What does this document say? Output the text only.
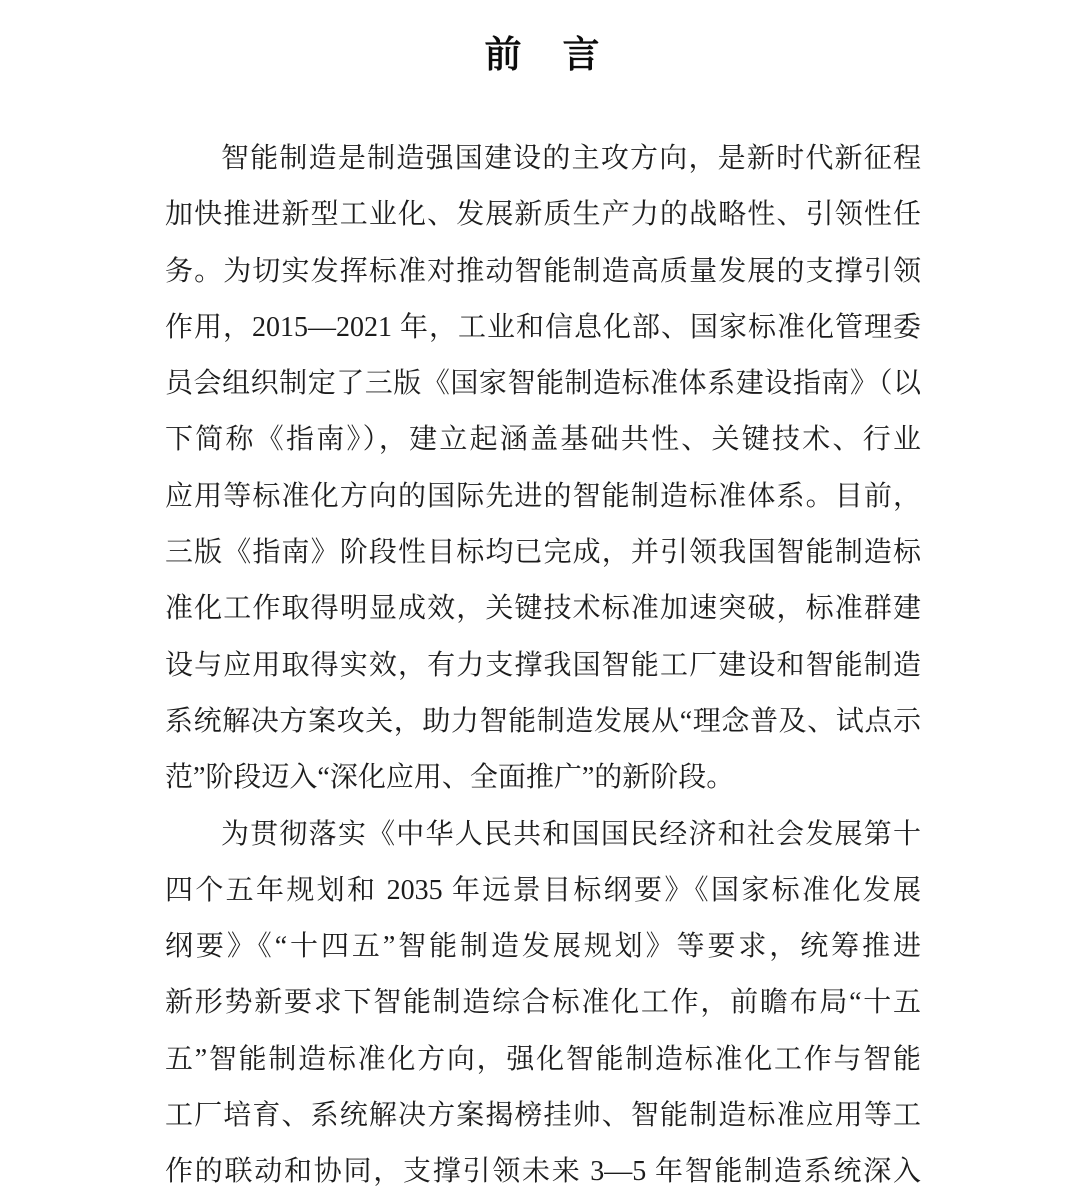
前　言
智能制造是制造强国建设的主攻方向，是新时代新征程
加快推进新型工业化、发展新质生产力的战略性、引领性任
务。为切实发挥标准对推动智能制造高质量发展的支撑引领
作用，2015—2021 年，工业和信息化部、国家标准化管理委
员会组织制定了三版《国家智能制造标准体系建设指南》（以
下简称《指南》），建立起涵盖基础共性、关键技术、行业
应用等标准化方向的国际先进的智能制造标准体系。目前，
三版《指南》阶段性目标均已完成，并引领我国智能制造标
准化工作取得明显成效，关键技术标准加速突破，标准群建
设与应用取得实效，有力支撑我国智能工厂建设和智能制造
系统解决方案攻关，助力智能制造发展从“理念普及、试点示
范”阶段迈入“深化应用、全面推广”的新阶段。
为贯彻落实《中华人民共和国国民经济和社会发展第十
四个五年规划和 2035 年远景目标纲要》《国家标准化发展
纲要》《“十四五”智能制造发展规划》等要求，统筹推进
新形势新要求下智能制造综合标准化工作，前瞻布局“十五
五”智能制造标准化方向，强化智能制造标准化工作与智能
工厂培育、系统解决方案揭榜挂帅、智能制造标准应用等工
作的联动和协同，支撑引领未来 3—5 年智能制造系统深入
